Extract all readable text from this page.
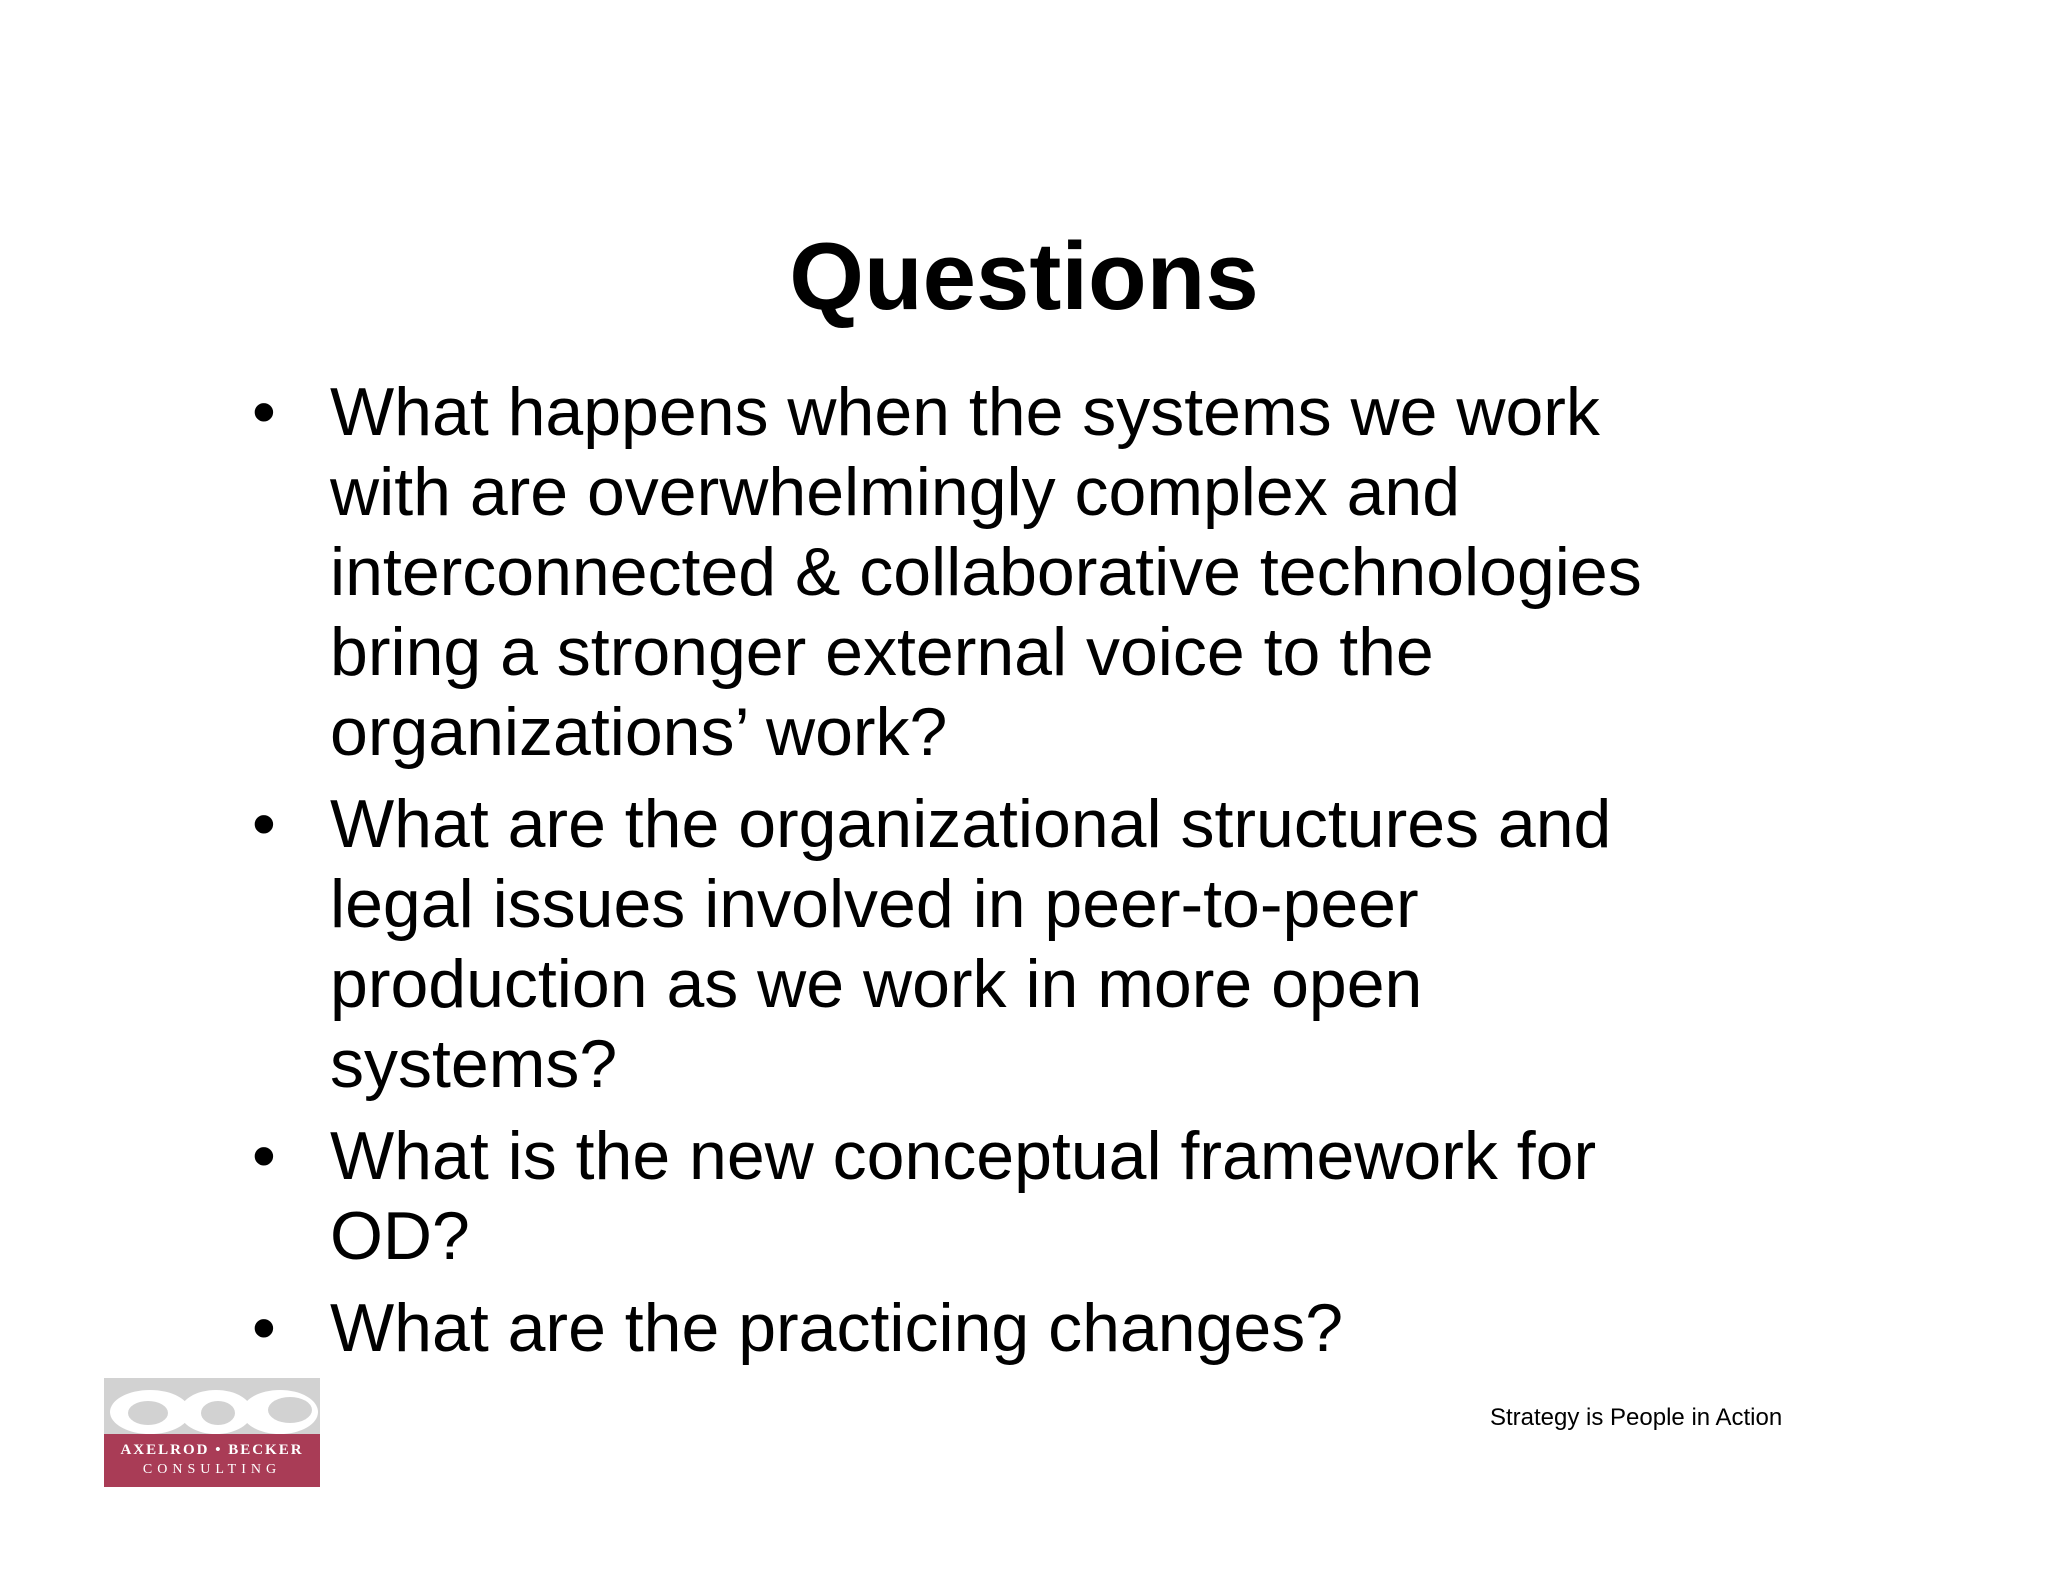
Questions
• What happens when the systems we work
with are overwhelmingly complex and
interconnected & collaborative technologies
bring a stronger external voice to the
organizations’ work?
• What are the organizational structures and
legal issues involved in peer-to-peer
production as we work in more open
systems?
• What is the new conceptual framework for
OD?
• What are the practicing changes?
AXELROD • BECKER
CONSULTING
Strategy is People in Action
